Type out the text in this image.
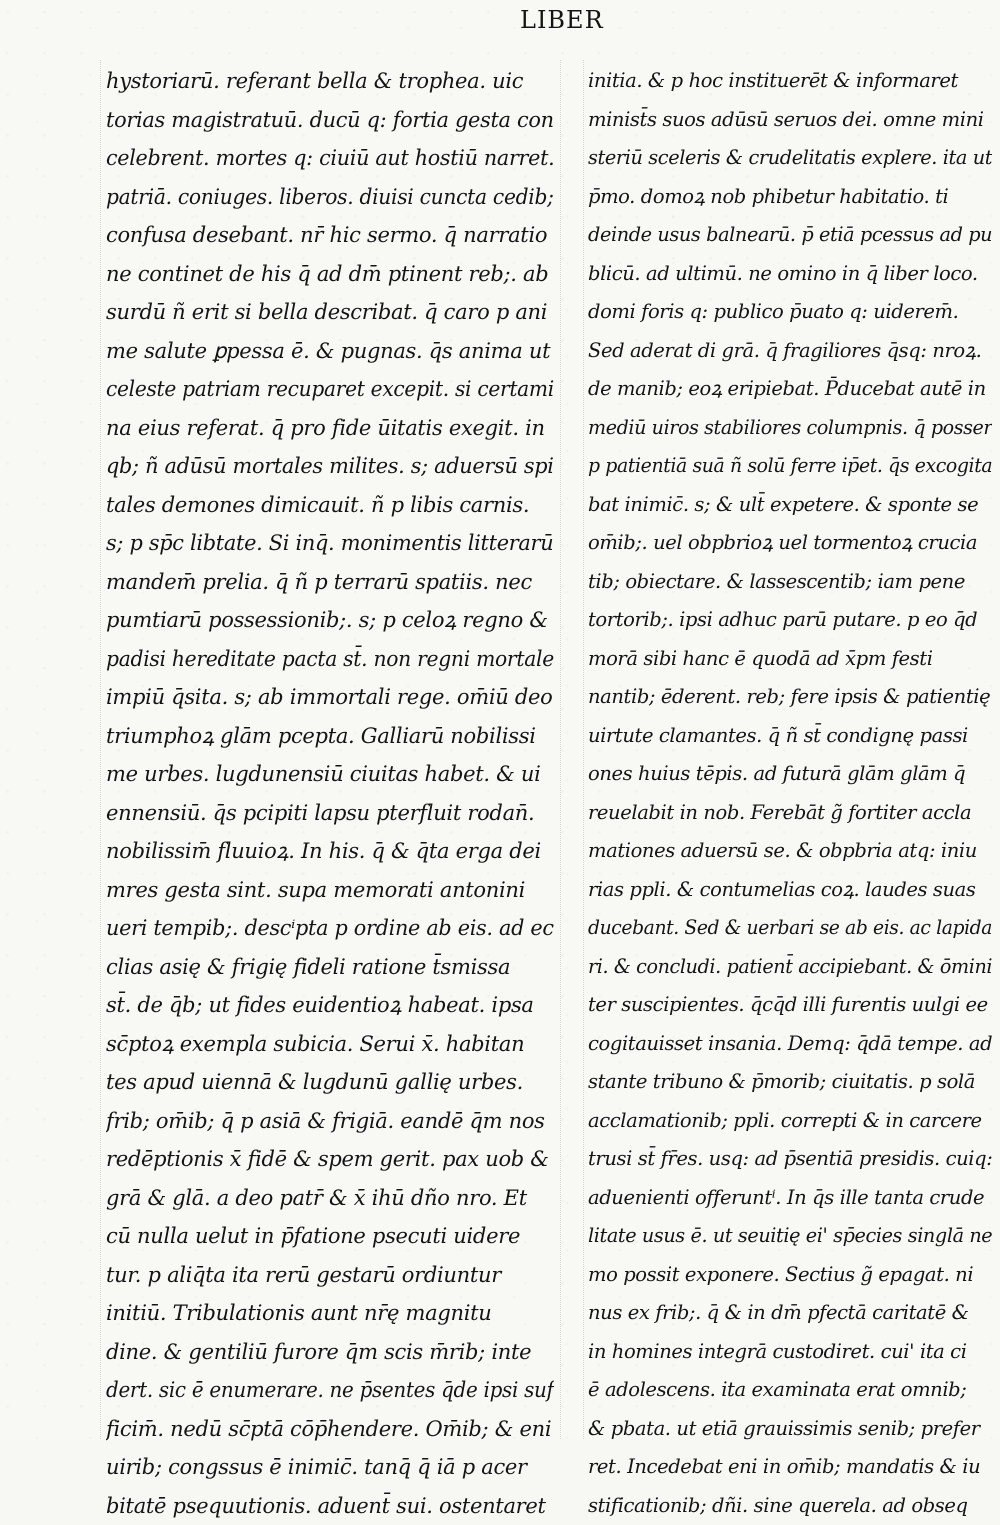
LIBER
hystoriarū. referant bella & trophea. uic
torias magistratuū. ducū q: fortia gesta con
celebrent. mortes q: ciuiū aut hostiū narret.
patriā. coniuges. liberos. diuisi cuncta cedib;
confusa desebant. nr̄ hic sermo. q̄ narratio
ne continet de his q̄ ad dm̄ ptinent reb;. ab
surdū ñ erit si bella describat. q̄ caro p ani
me salute ꝑpessa ē. & pugnas. q̄s anima ut
celeste patriam recuparet excepit. si certami
na eius referat. q̄ pro fide ūitatis exegit. in
qb; ñ adūsū mortales milites. s; aduersū spi
tales demones dimicauit. ñ p libis carnis.
s; p sp̄c libtate. Si inq̄. monimentis litterarū
mandem̄ prelia. q̄ ñ p terrarū spatiis. nec
pumtiarū possessionib;. s; p celoꝝ regno &
padisi hereditate pacta st̄. non regni mortale
impiū q̄sita. s; ab immortali rege. om̄iū deo
triumphoꝝ glām pcepta. Galliarū nobilissi
me urbes. lugdunensiū ciuitas habet. & ui
ennensiū. q̄s pcipiti lapsu pterfluit rodan̄.
nobilissim̄ fluuioꝝ. In his. q̄ & q̄ta erga dei
mres gesta sint. supa memorati antonini
ueri tempib;. descⁱpta p ordine ab eis. ad ec
clias asię & frigię fideli ratione t̄smissa
st̄. de q̄b; ut fides euidentioꝝ habeat. ipsa
sc̄ptoꝝ exempla subicia. Serui x̄. habitan
tes apud uiennā & lugdunū gallię urbes.
frib; om̄ib; q̄ p asiā & frigiā. eandē q̄m nos
redēptionis x̄ fidē & spem gerit. pax uob &
grā & glā. a deo patr̄ & x̄ ihū dño nro. Et
cū nulla uelut in p̄fatione psecuti uidere
tur. p aliq̄ta ita rerū gestarū ordiuntur
initiū. Tribulationis aunt nr̄ę magnitu
dine. & gentiliū furore q̄m scis m̄rib; inte
dert. sic ē enumerare. ne p̄sentes q̄de ipsi suf
ficim̄. nedū sc̄ptā cōp̄hendere. Om̄ib; & eni
uirib; congssus ē inimic̄. tanq̄ q̄ iā p acer
bitatē psequutionis. aduent̄ sui. ostentaret
initia. & p hoc instituerēt & informaret
minist̄s suos adūsū seruos dei. omne mini
steriū sceleris & crudelitatis explere. ita ut
p̄mo. domoꝝ nob phibetur habitatio. ti
deinde usus balnearū. p̄ etiā pcessus ad pu
blicū. ad ultimū. ne omino in q̄ liber loco.
domi foris q: publico p̄uato q: uiderem̄.
Sed aderat di grā. q̄ fragiliores q̄sq: nroꝝ.
de manib; eoꝝ eripiebat. P̄ducebat autē in
mediū uiros stabiliores columpnis. q̄ posser
p patientiā suā ñ solū ferre ip̄et. q̄s excogita
bat inimic̄. s; & ult̄ expetere. & sponte se
om̄ib;. uel obpbrioꝝ uel tormentoꝝ crucia
tib; obiectare. & lassescentib; iam pene
tortorib;. ipsi adhuc parū putare. p eo q̄d
morā sibi hanc ē quodā ad x̄pm festi
nantib; ēderent. reb; fere ipsis & patientię
uirtute clamantes. q̄ ñ st̄ condignę passi
ones huius tēpis. ad futurā glām glām q̄
reuelabit in nob. Ferebāt g̃ fortiter accla
mationes aduersū se. & obpbria atq: iniu
rias ppli. & contumelias coꝝ. laudes suas
ducebant. Sed & uerbari se ab eis. ac lapida
ri. & concludi. patient̄ accipiebant. & ōmini
ter suscipientes. q̄cq̄d illi furentis uulgi ee
cogitauisset insania. Demq: q̄dā tempe. ad
stante tribuno & p̄morib; ciuitatis. p solā
acclamationib; ppli. correpti & in carcere
trusi st̄ fr̄es. usq: ad p̄sentiā presidis. cuiq:
aduenienti offeruntⁱ. In q̄s ille tanta crude
litate usus ē. ut seuitię ei' sp̄ecies singlā ne
mo possit exponere. Sectius g̃ epagat. ni
nus ex frib;. q̄ & in dm̄ pfectā caritatē &
in homines integrā custodiret. cui' ita ci
ē adolescens. ita examinata erat omnib;
& pbata. ut etiā grauissimis senib; prefer
ret. Incedebat eni in om̄ib; mandatis & iu
stificationib; dñi. sine querela. ad obseq
